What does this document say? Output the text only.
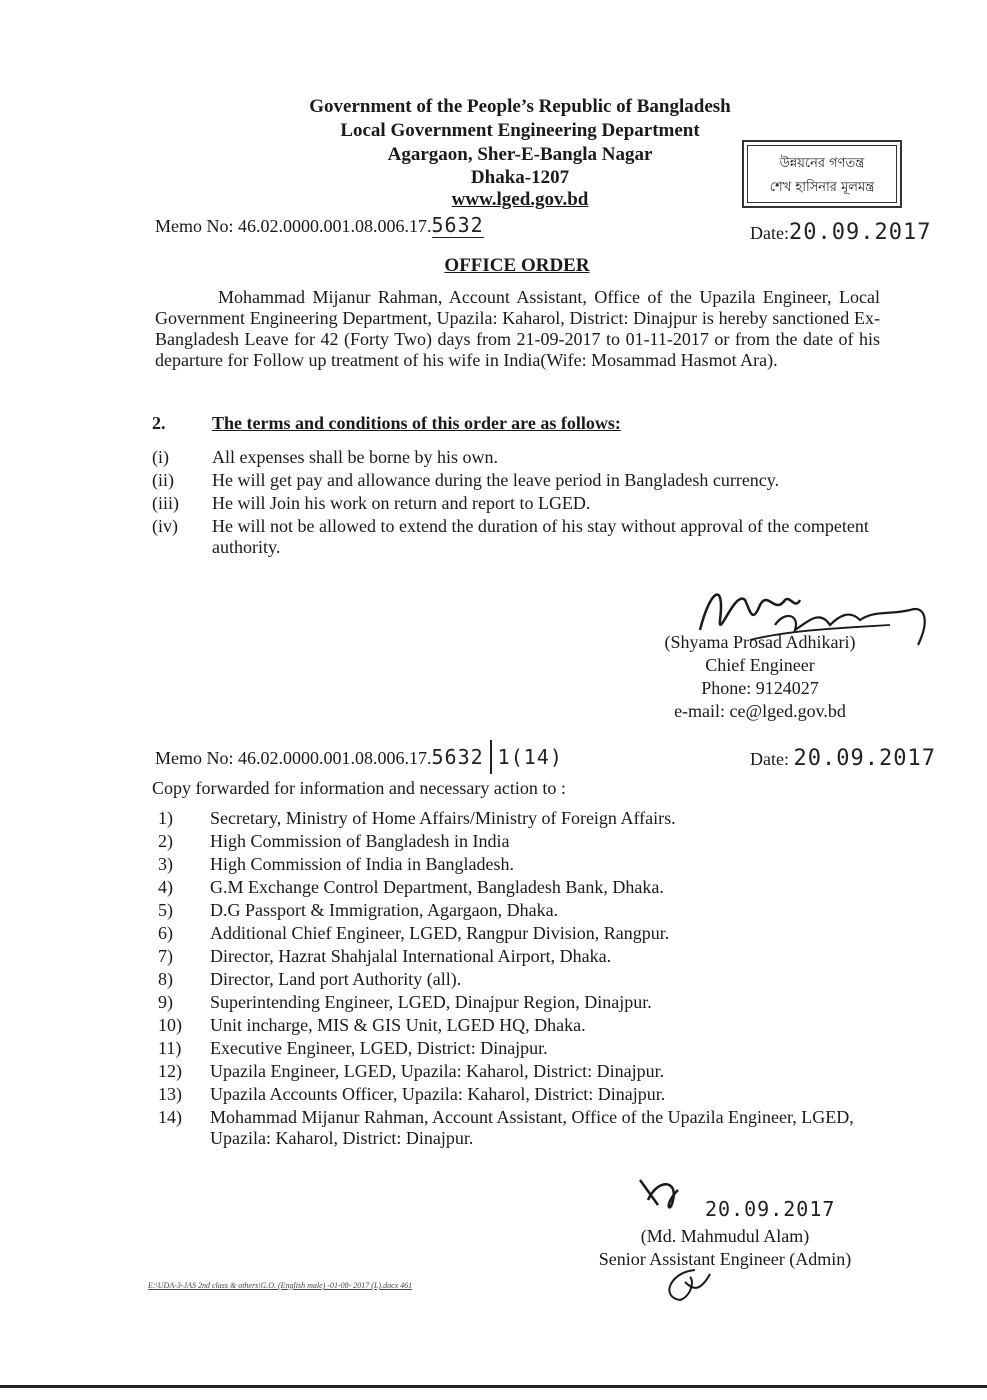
Government of the People’s Republic of Bangladesh
Local Government Engineering Department
Agargaon, Sher-E-Bangla Nagar
Dhaka-1207
www.lged.gov.bd
উন্নয়নের গণতন্ত্র
শেখ হাসিনার মূলমন্ত্র
Memo No: 46.02.0000.001.08.006.17.5632	Date:20.09.2017
OFFICE ORDER
Mohammad Mijanur Rahman, Account Assistant, Office of the Upazila Engineer, Local Government Engineering Department, Upazila: Kaharol, District: Dinajpur is hereby sanctioned Ex-Bangladesh Leave for 42 (Forty Two) days from 21-09-2017 to 01-11-2017 or from the date of his departure for Follow up treatment of his wife in India(Wife: Mosammad Hasmot Ara).
2.	The terms and conditions of this order are as follows:
(i) All expenses shall be borne by his own.
(ii) He will get pay and allowance during the leave period in Bangladesh currency.
(iii) He will Join his work on return and report to LGED.
(iv) He will not be allowed to extend the duration of his stay without approval of the competent authority.
(Shyama Prosad Adhikari)
Chief Engineer
Phone: 9124027
e-mail: ce@lged.gov.bd
Memo No: 46.02.0000.001.08.006.17.5632 1(14)	Date: 20.09.2017
Copy forwarded for information and necessary action to :
1) Secretary, Ministry of Home Affairs/Ministry of Foreign Affairs.
2) High Commission of Bangladesh in India
3) High Commission of India in Bangladesh.
4) G.M Exchange Control Department, Bangladesh Bank, Dhaka.
5) D.G Passport & Immigration, Agargaon, Dhaka.
6) Additional Chief Engineer, LGED, Rangpur Division, Rangpur.
7) Director, Hazrat Shahjalal International Airport, Dhaka.
8) Director, Land port Authority (all).
9) Superintending Engineer, LGED, Dinajpur Region, Dinajpur.
10) Unit incharge, MIS & GIS Unit, LGED HQ, Dhaka.
11) Executive Engineer, LGED, District: Dinajpur.
12) Upazila Engineer, LGED, Upazila: Kaharol, District: Dinajpur.
13) Upazila Accounts Officer, Upazila: Kaharol, District: Dinajpur.
14) Mohammad Mijanur Rahman, Account Assistant, Office of the Upazila Engineer, LGED, Upazila: Kaharol, District: Dinajpur.
20.09.2017
(Md. Mahmudul Alam)
Senior Assistant Engineer (Admin)
E:\UDA-3-JAS 2nd class & others\G.O. (English male) -01-08- 2017 (L).docx 461
